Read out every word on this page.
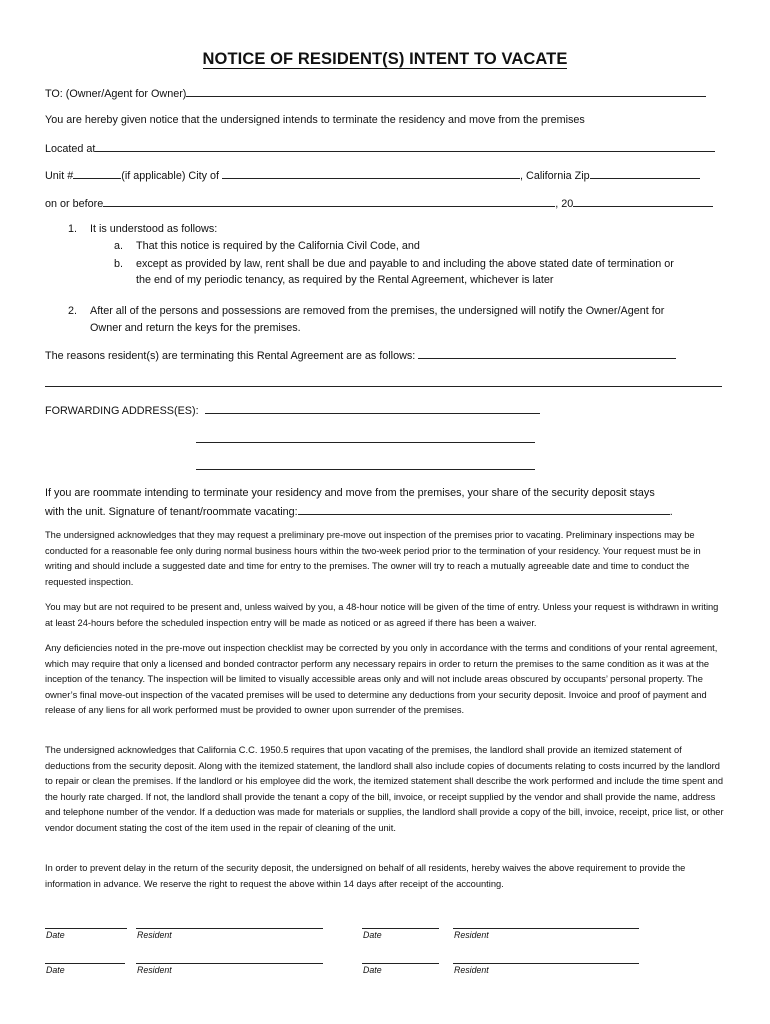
NOTICE OF RESIDENT(S) INTENT TO VACATE
TO: (Owner/Agent for Owner)
You are hereby given notice that the undersigned intends to terminate the residency and move from the premises
Located at
Unit #	(if applicable) City of	, California Zip
on or before	, 20
1. It is understood as follows:
a. That this notice is required by the California Civil Code, and
b. except as provided by law, rent shall be due and payable to and including the above stated date of termination or
the end of my periodic tenancy, as required by the Rental Agreement, whichever is later
2. After all of the persons and possessions are removed from the premises, the undersigned will notify the Owner/Agent for
Owner and return the keys for the premises.
The reasons resident(s) are terminating this Rental Agreement are as follows:
FORWARDING ADDRESS(ES):
If you are roommate intending to terminate your residency and move from the premises, your share of the security deposit stays
with the unit. Signature of tenant/roommate vacating:	.
The undersigned acknowledges that they may request a preliminary pre-move out inspection of the premises prior to vacating. Preliminary inspections may be conducted for a reasonable fee only during normal business hours within the two-week period prior to the termination of your residency. Your request must be in writing and should include a suggested date and time for entry to the premises. The owner will try to reach a mutually agreeable date and time to conduct the requested inspection.
You may but are not required to be present and, unless waived by you, a 48-hour notice will be given of the time of entry. Unless your request is withdrawn in writing at least 24-hours before the scheduled inspection entry will be made as noticed or as agreed if there has been a waiver.
Any deficiencies noted in the pre-move out inspection checklist may be corrected by you only in accordance with the terms and conditions of your rental agreement, which may require that only a licensed and bonded contractor perform any necessary repairs in order to return the premises to the same condition as it was at the inception of the tenancy. The inspection will be limited to visually accessible areas only and will not include areas obscured by occupants’ personal property. The owner’s final move-out inspection of the vacated premises will be used to determine any deductions from your security deposit. Invoice and proof of payment and release of any liens for all work performed must be provided to owner upon surrender of the premises.
The undersigned acknowledges that California C.C. 1950.5 requires that upon vacating of the premises, the landlord shall provide an itemized statement of deductions from the security deposit. Along with the itemized statement, the landlord shall also include copies of documents relating to costs incurred by the landlord to repair or clean the premises. If the landlord or his employee did the work, the itemized statement shall describe the work performed and include the time spent and the hourly rate charged. If not, the landlord shall provide the tenant a copy of the bill, invoice, or receipt supplied by the vendor and shall provide the name, address and telephone number of the vendor. If a deduction was made for materials or supplies, the landlord shall provide a copy of the bill, invoice, receipt, price list, or other vendor document stating the cost of the item used in the repair of cleaning of the unit.
In order to prevent delay in the return of the security deposit, the undersigned on behalf of all residents, hereby waives the above requirement to provide the information in advance. We reserve the right to request the above within 14 days after receipt of the accounting.
Date	Resident	Date	Resident
Date	Resident	Date	Resident
